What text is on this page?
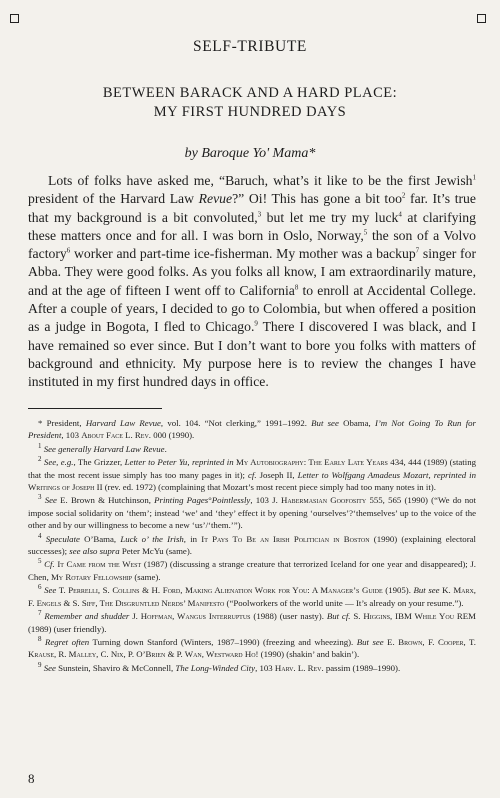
SELF-TRIBUTE
BETWEEN BARACK AND A HARD PLACE:
MY FIRST HUNDRED DAYS
by Baroque Yo' Mama*

Lots of folks have asked me, “Baruch, what’s it like to be the first Jewish$^1$ president of the Harvard Law Revue?” Oi! This has gone a bit too$^2$ far. It’s true that my background is a bit convoluted,$^3$ but let me try my luck$^4$ at clarifying these matters once and for all. I was born in Oslo, Norway,$^5$ the son of a Volvo factory$^6$ worker and part-time ice-fisherman. My mother was a backup$^7$ singer for Abba. They were good folks. As you folks all know, I am extraordinarily mature, and at the age of fifteen I went off to California$^8$ to enroll at Accidental College. After a couple of years, I decided to go to Colombia, but when offered a position as a judge in Bogota, I fled to Chicago.$^9$ There I discovered I was black, and I have remained so ever since. But I don’t want to bore you folks with matters of background and ethnicity. My purpose here is to review the changes I have instituted in my first hundred days in office.

* President, Harvard Law Revue, vol. 104. “Not clerking,” 1991–1992. But see Obama, I’m Not Going To Run for President, 103 About Face L. Rev. 000 (1990).

$^1$ See generally Harvard Law Revue.

$^2$ See, e.g., The Grizzer, Letter to Peter Yu, reprinted in My Autobiography: The Early Late Years 434, 444 (1989) (stating that the most recent issue simply has too many pages in it); cf. Joseph II, Letter to Wolfgang Amadeus Mozart, reprinted in Writings of Joseph II (rev. ed. 1972) (complaining that Mozart’s most recent piece simply had too many notes in it).

$^3$ See E. Brown & Hutchinson, Printing Pages°Pointlessly, 103 J. Habermasian Goofosity 555, 565 (1990) (“We do not impose social solidarity on ‘them’; instead ‘we’ and ‘they’ effect it by opening ‘ourselves’?‘themselves’ up to the voice of the other and by our willingness to become a new ‘us’/‘them.’”).

$^4$ Speculate O’Bama, Luck o’ the Irish, in It Pays To Be an Irish Politician in Boston (1990) (explaining electoral successes); see also supra Peter McYu (same).

$^5$ Cf. It Came from the West (1987) (discussing a strange creature that terrorized Iceland for one year and disappeared); J. Chen, My Rotary Fellowship (same).

$^6$ See T. Perrelli, S. Collins & H. Ford, Making Alienation Work for You: A Manager’s Guide (1905). But see K. Marx, F. Engels & S. Siff, The Disgruntled Nerds’ Manifesto (“Poolworkers of the world unite — It’s already on your resume.”).

$^7$ Remember and shudder J. Hoffman, Wangus Interruptus (1988) (user nasty). But cf. S. Higgins, IBM While You REM (1989) (user friendly).

$^8$ Regret often Turning down Stanford (Winters, 1987–1990) (freezing and wheezing). But see E. Brown, F. Cooper, T. Krause, R. Malley, C. Nix, P. O’Brien & P. Wan, Westward Ho! (1990) (shakin’ and bakin’).

$^9$ See Sunstein, Shaviro & McConnell, The Long-Winded City, 103 Harv. L. Rev. passim (1989–1990).

8
